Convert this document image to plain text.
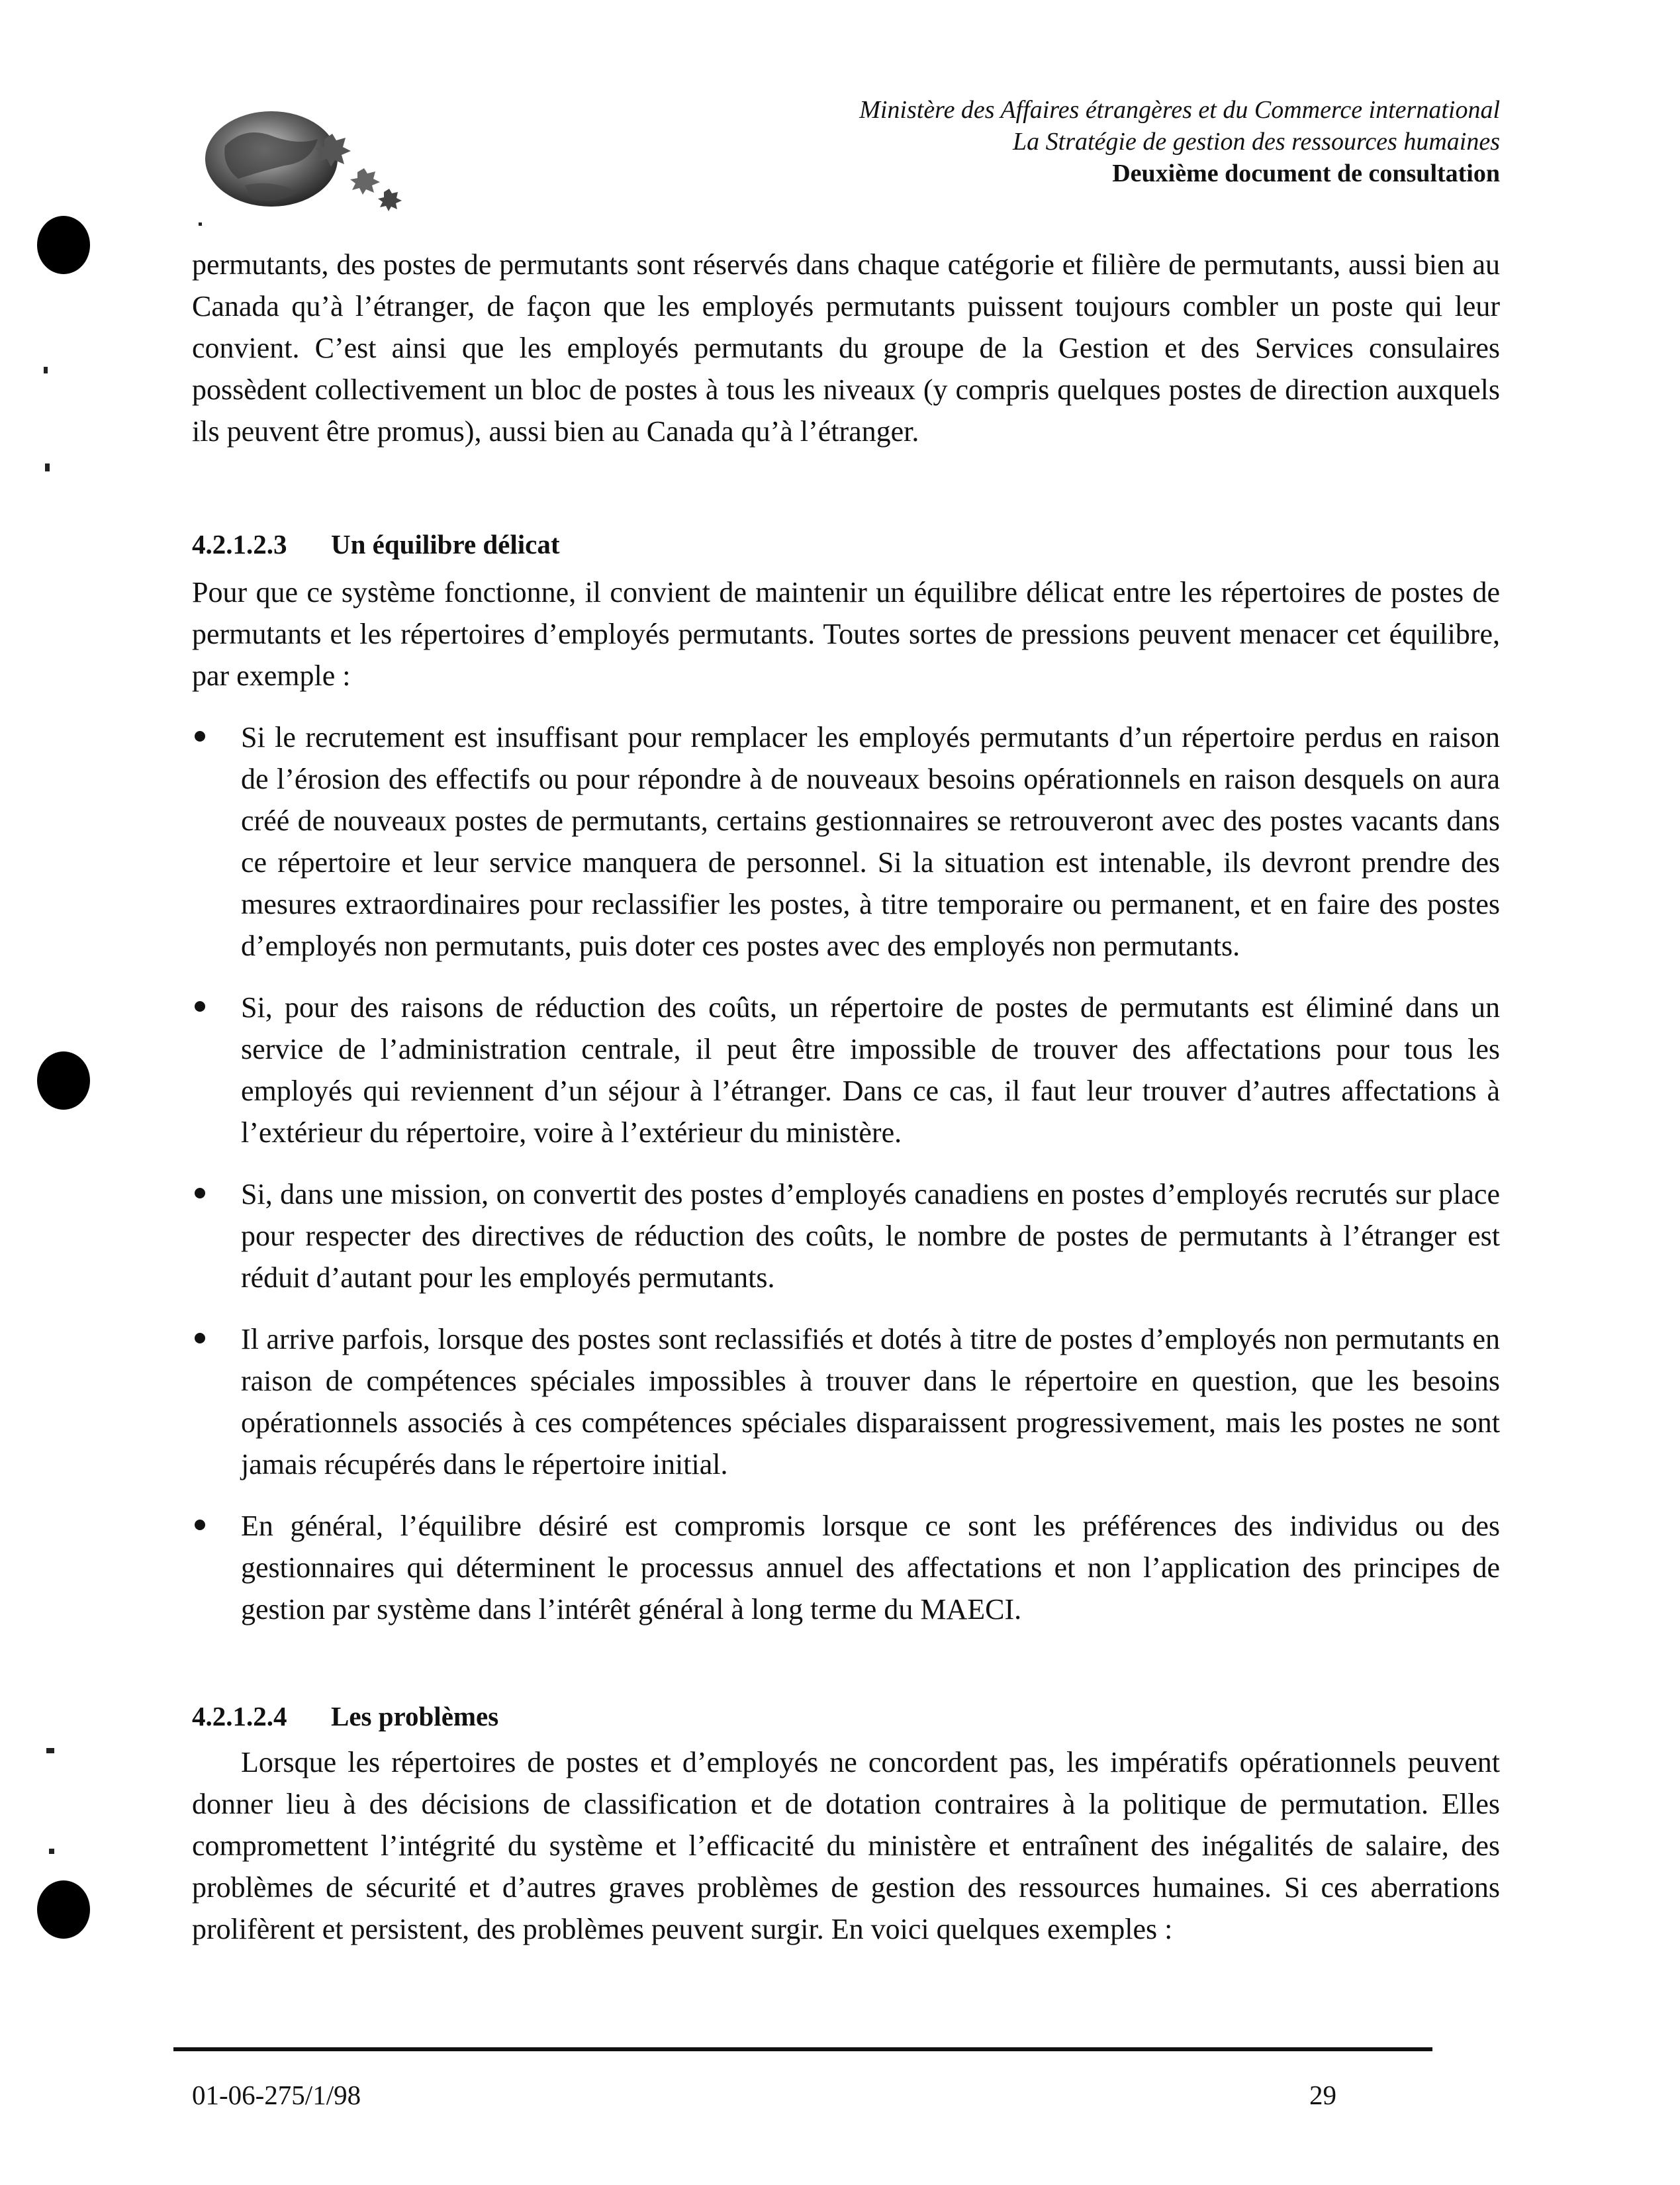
Ministère des Affaires étrangères et du Commerce international
La Stratégie de gestion des ressources humaines
Deuxième document de consultation
permutants, des postes de permutants sont réservés dans chaque catégorie et filière de permutants, aussi bien au Canada qu’à l’étranger, de façon que les employés permutants puissent toujours combler un poste qui leur convient. C’est ainsi que les employés permutants du groupe de la Gestion et des Services consulaires possèdent collectivement un bloc de postes à tous les niveaux (y compris quelques postes de direction auxquels ils peuvent être promus), aussi bien au Canada qu’à l’étranger.
4.2.1.2.3 Un équilibre délicat
Pour que ce système fonctionne, il convient de maintenir un équilibre délicat entre les répertoires de postes de permutants et les répertoires d’employés permutants. Toutes sortes de pressions peuvent menacer cet équilibre, par exemple :
Si le recrutement est insuffisant pour remplacer les employés permutants d’un répertoire perdus en raison de l’érosion des effectifs ou pour répondre à de nouveaux besoins opérationnels en raison desquels on aura créé de nouveaux postes de permutants, certains gestionnaires se retrouveront avec des postes vacants dans ce répertoire et leur service manquera de personnel. Si la situation est intenable, ils devront prendre des mesures extraordinaires pour reclassifier les postes, à titre temporaire ou permanent, et en faire des postes d’employés non permutants, puis doter ces postes avec des employés non permutants.
Si, pour des raisons de réduction des coûts, un répertoire de postes de permutants est éliminé dans un service de l’administration centrale, il peut être impossible de trouver des affectations pour tous les employés qui reviennent d’un séjour à l’étranger. Dans ce cas, il faut leur trouver d’autres affectations à l’extérieur du répertoire, voire à l’extérieur du ministère.
Si, dans une mission, on convertit des postes d’employés canadiens en postes d’employés recrutés sur place pour respecter des directives de réduction des coûts, le nombre de postes de permutants à l’étranger est réduit d’autant pour les employés permutants.
Il arrive parfois, lorsque des postes sont reclassifiés et dotés à titre de postes d’employés non permutants en raison de compétences spéciales impossibles à trouver dans le répertoire en question, que les besoins opérationnels associés à ces compétences spéciales disparaissent progressivement, mais les postes ne sont jamais récupérés dans le répertoire initial.
En général, l’équilibre désiré est compromis lorsque ce sont les préférences des individus ou des gestionnaires qui déterminent le processus annuel des affectations et non l’application des principes de gestion par système dans l’intérêt général à long terme du MAECI.
4.2.1.2.4 Les problèmes
Lorsque les répertoires de postes et d’employés ne concordent pas, les impératifs opérationnels peuvent donner lieu à des décisions de classification et de dotation contraires à la politique de permutation. Elles compromettent l’intégrité du système et l’efficacité du ministère et entraînent des inégalités de salaire, des problèmes de sécurité et d’autres graves problèmes de gestion des ressources humaines. Si ces aberrations prolifèrent et persistent, des problèmes peuvent surgir. En voici quelques exemples :
01-06-275/1/98	29
